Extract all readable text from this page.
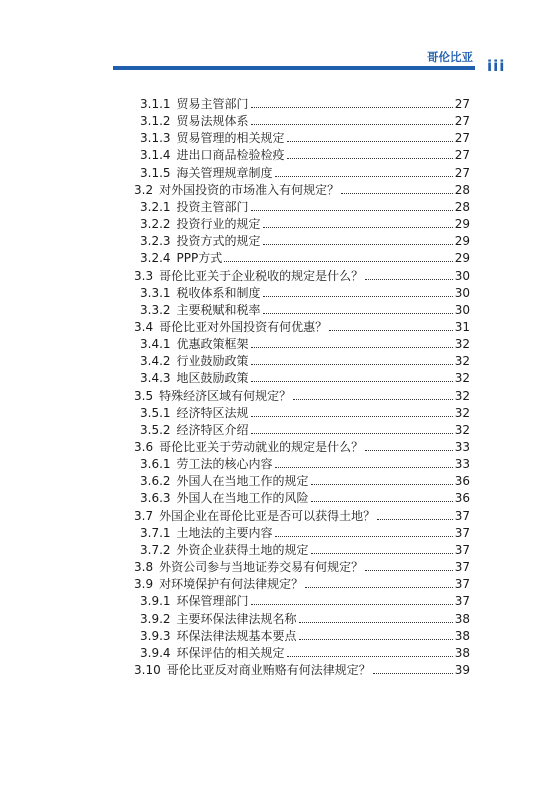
哥伦比亚 iii
3.1.1 贸易主管部门	27
3.1.2 贸易法规体系	27
3.1.3 贸易管理的相关规定	27
3.1.4 进出口商品检验检疫	27
3.1.5 海关管理规章制度	27
3.2 对外国投资的市场准入有何规定？	28
3.2.1 投资主管部门	28
3.2.2 投资行业的规定	29
3.2.3 投资方式的规定	29
3.2.4 PPP方式	29
3.3 哥伦比亚关于企业税收的规定是什么？	30
3.3.1 税收体系和制度	30
3.3.2 主要税赋和税率	30
3.4 哥伦比亚对外国投资有何优惠？	31
3.4.1 优惠政策框架	32
3.4.2 行业鼓励政策	32
3.4.3 地区鼓励政策	32
3.5 特殊经济区域有何规定？	32
3.5.1 经济特区法规	32
3.5.2 经济特区介绍	32
3.6 哥伦比亚关于劳动就业的规定是什么？	33
3.6.1 劳工法的核心内容	33
3.6.2 外国人在当地工作的规定	36
3.6.3 外国人在当地工作的风险	36
3.7 外国企业在哥伦比亚是否可以获得土地？	37
3.7.1 土地法的主要内容	37
3.7.2 外资企业获得土地的规定	37
3.8 外资公司参与当地证券交易有何规定？	37
3.9 对环境保护有何法律规定？	37
3.9.1 环保管理部门	37
3.9.2 主要环保法律法规名称	38
3.9.3 环保法律法规基本要点	38
3.9.4 环保评估的相关规定	38
3.10 哥伦比亚反对商业贿赂有何法律规定？	39
